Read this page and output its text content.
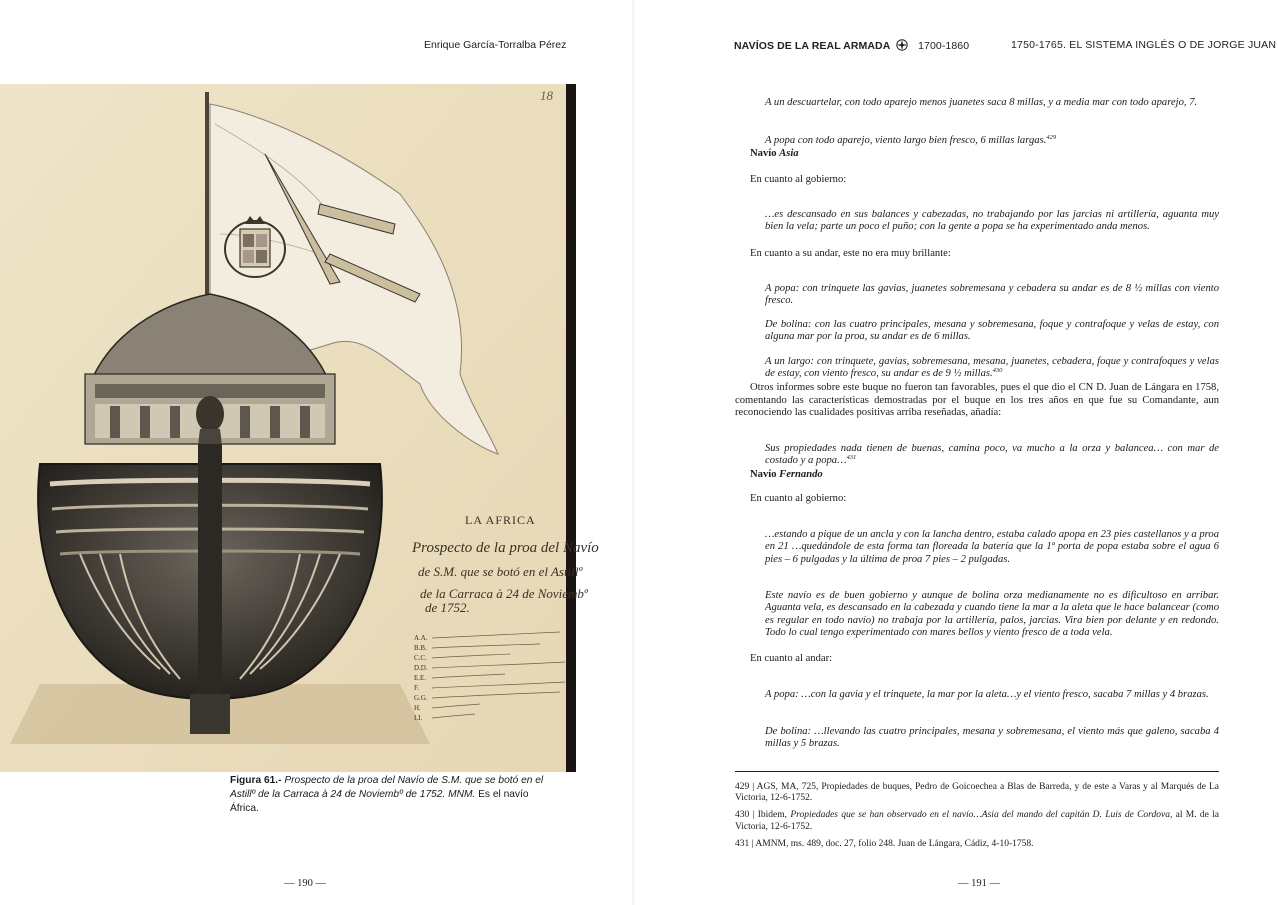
Enrique García-Torralba Pérez
18
LA AFRICA
Prospecto de la proa del Navío
de S.M. que se botó en el Astillº
de la Carraca à 24 de Noviembº
de 1752.
A.A.
B.B.
C.C.
D.D.
E.E.
F.
G.G.
H.
I.I.
Figura 61.- Prospecto de la proa del Navío de S.M. que se botó en el Astillº de la Carraca à 24 de Noviembº de 1752. MNM. Es el navío África.
— 190 —
NAVÍOS DE LA REAL ARMADA	1700-1860	1750-1765. EL SISTEMA INGLÉS O DE JORGE JUAN

A un descuartelar, con todo aparejo menos juanetes saca 8 millas, y a media mar con todo aparejo, 7.

A popa con todo aparejo, viento largo bien fresco, 6 millas largas.$^{429}$

Navío Asia

En cuanto al gobierno:

…es descansado en sus balances y cabezadas, no trabajando por las jarcias ni artillería, aguanta muy bien la vela; parte un poco el puño; con la gente a popa se ha experimentado anda menos.

En cuanto a su andar, este no era muy brillante:

A popa: con trinquete las gavias, juanetes sobremesana y cebadera su andar es de 8 ½ millas con viento fresco.

De bolina: con las cuatro principales, mesana y sobremesana, foque y contrafoque y velas de estay, con alguna mar por la proa, su andar es de 6 millas.

A un largo: con trinquete, gavias, sobremesana, mesana, juanetes, cebadera, foque y contrafoques y velas de estay, con viento fresco, su andar es de 9 ½ millas.$^{430}$

Otros informes sobre este buque no fueron tan favorables, pues el que dio el CN D. Juan de Lángara en 1758, comentando las características demostradas por el buque en los tres años en que fue su Comandante, aun reconociendo las cualidades positivas arriba reseñadas, añadía:

Sus propiedades nada tienen de buenas, camina poco, va mucho a la orza y balancea… con mar de costado y a popa…$^{431}$

Navío Fernando

En cuanto al gobierno:

…estando a pique de un ancla y con la lancha dentro, estaba calado apopa en 23 pies castellanos y a proa en 21 …quedándole de esta forma tan floreada la batería que la 1ª porta de popa estaba sobre el agua 6 pies – 6 pulgadas y la última de proa 7 pies – 2 pulgadas.

Este navío es de buen gobierno y aunque de bolina orza medianamente no es dificultoso en arribar. Aguanta vela, es descansado en la cabezada y cuando tiene la mar a la aleta que le hace balancear (como es regular en todo navío) no trabaja por la artillería, palos, jarcias. Vira bien por delante y en redondo. Todo lo cual tengo experimentado con mares bellos y viento fresco de a toda vela.

En cuanto al andar:

A popa: …con la gavia y el trinquete, la mar por la aleta…y el viento fresco, sacaba 7 millas y 4 brazas.

De bolina: …llevando las cuatro principales, mesana y sobremesana, el viento más que galeno, sacaba 4 millas y 5 brazas.

429 | AGS, MA, 725, Propiedades de buques, Pedro de Goicoechea a Blas de Barreda, y de este a Varas y al Marqués de La Victoria, 12-6-1752.

430 | Ibidem, Propiedades que se han observado en el navío…Asia del mando del capitán D. Luis de Cordova, al M. de la Victoria, 12-6-1752.

431 | AMNM, ms. 489, doc. 27, folio 248. Juan de Lángara, Cádiz, 4-10-1758.

— 191 —
